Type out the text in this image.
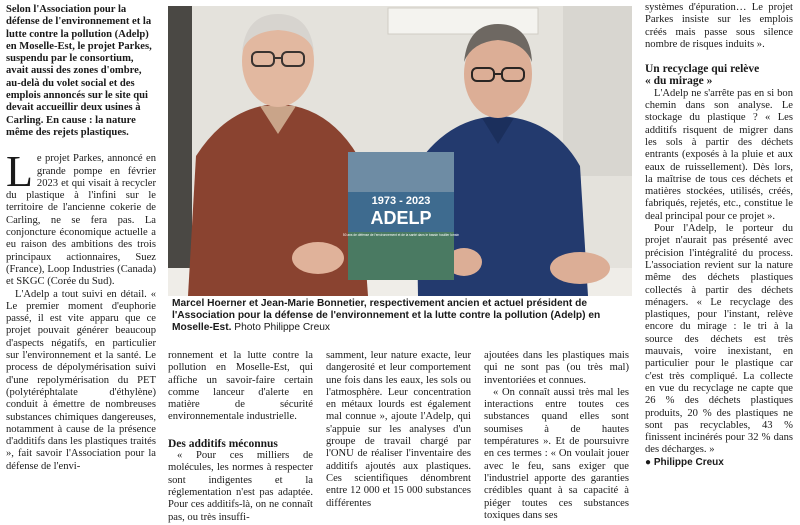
Selon l'Association pour la défense de l'environnement et la lutte contre la pollution (Adelp) en Moselle-Est, le projet Parkes, suspendu par le consortium, avait aussi des zones d'ombre, au-delà du volet social et des emplois annoncés sur le site qui devait accueillir deux usines à Carling. En cause : la nature même des rejets plastiques.

Le projet Parkes, annoncé en grande pompe en février 2023 et qui visait à recycler du plastique à l'infini sur le territoire de l'ancienne cokerie de Carling, ne se fera pas. La conjoncture économique actuelle a eu raison des ambitions des trois principaux actionnaires, Suez (France), Loop Industries (Canada) et SKGC (Corée du Sud).

L'Adelp a tout suivi en détail. « Le premier moment d'euphorie passé, il est vite apparu que ce projet pouvait générer beaucoup d'aspects négatifs, en particulier sur l'environnement et la santé. Le process de dépolymérisation suivi d'une repolymérisation du PET (polytéréphtalate d'éthylène) conduit à émettre de nombreuses substances chimiques dangereuses, notamment à cause de la présence d'additifs dans les plastiques traités », fait savoir l'Association pour la défense de l'envi-

1973 - 2023
ADELP
50 ans de défense de l'environnement et de la santé dans le bassin houiller lorrain
Marcel Hoerner et Jean-Marie Bonnetier, respectivement ancien et actuel président de l'Association pour la défense de l'environnement et la lutte contre la pollution (Adelp) en Moselle-Est. Photo Philippe Creux

ronnement et la lutte contre la pollution en Moselle-Est, qui affiche un savoir-faire certain comme lanceur d'alerte en matière de sécurité environnementale industrielle.

Des additifs méconnus

« Pour ces milliers de molécules, les normes à respecter sont indigentes et la réglementation n'est pas adaptée. Pour ces additifs-là, on ne connaît pas, ou très insuffi-

samment, leur nature exacte, leur dangerosité et leur comportement une fois dans les eaux, les sols ou l'atmosphère. Leur concentration en métaux lourds est également mal connue », ajoute l'Adelp, qui s'appuie sur les analyses d'un groupe de travail chargé par l'ONU de réaliser l'inventaire des additifs ajoutés aux plastiques. Ces scientifiques dénombrent entre 12 000 et 15 000 substances différentes

ajoutées dans les plastiques mais qui ne sont pas (ou très mal) inventoriées et connues.

« On connaît aussi très mal les interactions entre toutes ces substances quand elles sont soumises à de hautes températures ». Et de poursuivre en ces termes : « On voulait jouer avec le feu, sans exiger que l'industriel apporte des garanties crédibles quant à sa capacité à piéger toutes ces substances toxiques dans ses

systèmes d'épuration… Le projet Parkes insiste sur les emplois créés mais passe sous silence nombre de risques induits ».

Un recyclage qui relève
« du mirage »

L'Adelp ne s'arrête pas en si bon chemin dans son analyse. Le stockage du plastique ? « Les additifs risquent de migrer dans les sols à partir des déchets entrants (exposés à la pluie et aux eaux de ruissellement). Dès lors, la maîtrise de tous ces déchets et matières stockées, utilisés, créés, fabriqués, rejetés, etc., constitue le deal principal pour ce projet ».

Pour l'Adelp, le porteur du projet n'aurait pas présenté avec précision l'intégralité du process. L'association revient sur la nature même des déchets plastiques collectés à partir des déchets ménagers. « Le recyclage des plastiques, pour l'instant, relève encore du mirage : le tri à la source des déchets est très mauvais, voire inexistant, en particulier pour le plastique car c'est très compliqué. La collecte en vue du recyclage ne capte que 26 % des déchets plastiques produits, 20 % des plastiques ne sont pas recyclables, 43 % finissent incinérés pour 32 % dans des décharges. »

● Philippe Creux
